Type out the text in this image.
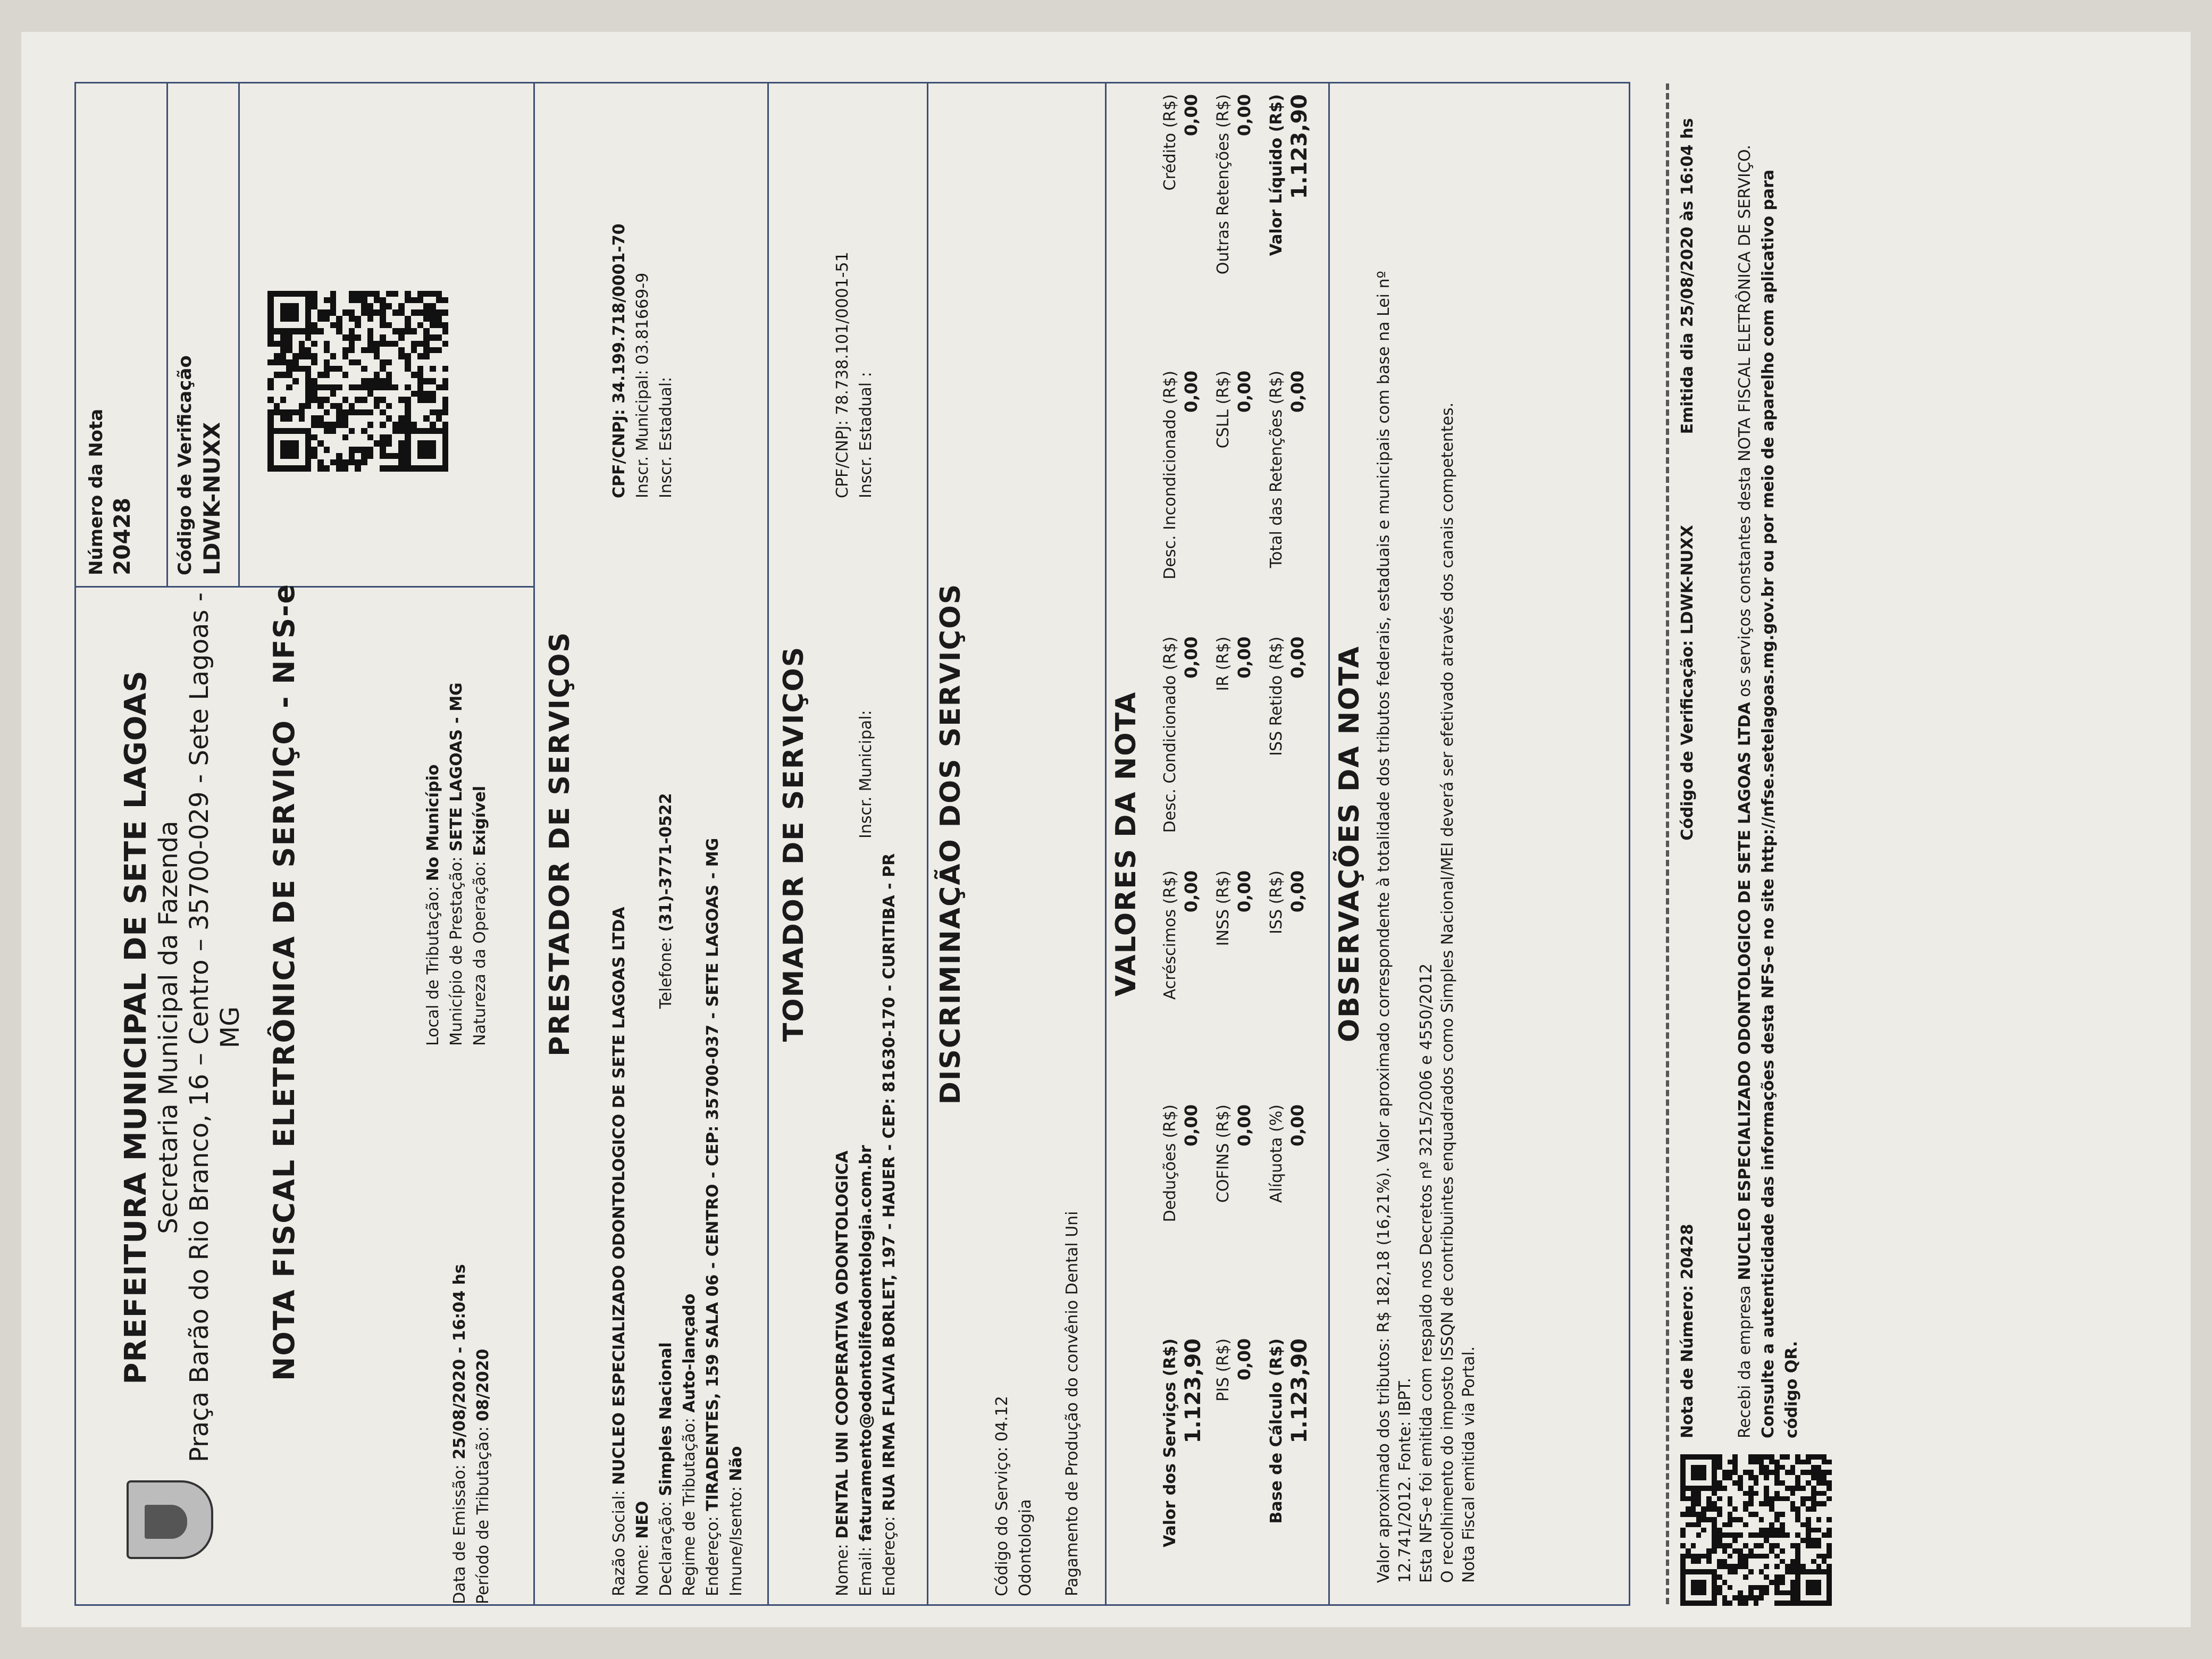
PREFEITURA MUNICIPAL DE SETE LAGOAS Secretaria Municipal da Fazenda Praça Barão do Rio Branco, 16 – Centro – 35700-029 - Sete Lagoas - MG
Número da Nota 20428 Código de Verificação LDWK-NUXX
NOTA FISCAL ELETRÔNICA DE SERVIÇO - NFS-e
Data de Emissão: 25/08/2020 - 16:04 hs
Período de Tributação: 08/2020
Local de Tributação: No Município
Município de Prestação: SETE LAGOAS - MG
Natureza da Operação: Exigível PRESTADOR DE SERVIÇOS
Razão Social: NUCLEO ESPECIALIZADO ODONTOLOGICO DE SETE LAGOAS LTDA
Nome: NEO Declaração: Simples Nacional Regime de Tributação: Auto-lançado
Endereço: TIRADENTES, 159 SALA 06 - CENTRO - CEP: 35700-037 - SETE LAGOAS - MG
Imune/Isento: Não
Telefone: (31)-3771-0522
CPF/CNPJ: 34.199.718/0001-70 Inscr. Municipal: 03.81669-9 Inscr. Estadual:
TOMADOR DE SERVIÇOS
Nome: DENTAL UNI COOPERATIVA ODONTOLOGICA
Email: faturamento@odontolifeodontologia.com.br
Endereço: RUA IRMA FLAVIA BORLET, 197 - HAUER - CEP: 81630-170 - CURITIBA - PR
Inscr. Municipal:
CPF/CNPJ: 78.738.101/0001-51 Inscr. Estadual :
DISCRIMINAÇÃO DOS SERVIÇOS
Código do Serviço: 04.12 Odontologia Pagamento de Produção do convênio Dental Uni
VALORES DA NOTA
Valor dos Serviços (R$) 1.123,90
Deduções (R$) 0,00
Acréscimos (R$) 0,00
Desc. Condicionado (R$) 0,00
Desc. Incondicionado (R$) 0,00
Crédito (R$) 0,00
PIS (R$) 0,00
COFINS (R$) 0,00
INSS (R$) 0,00
IR (R$) 0,00
CSLL (R$) 0,00
Outras Retenções (R$) 0,00
Base de Cálculo (R$) 1.123,90
Alíquota (%) 0,00
ISS (R$) 0,00
ISS Retido (R$) 0,00
Total das Retenções (R$) 0,00
Valor Líquido (R$) 1.123,90
OBSERVAÇÕES DA NOTA Valor aproximado dos tributos: R$ 182,18 (16,21%). Valor aproximado correspondente à totalidade dos tributos federais, estaduais e municipais com base na Lei nº 12.741/2012. Fonte: IBPT. Esta NFS-e foi emitida com respaldo nos Decretos nº 3215/2006 e 4550/2012 O recolhimento do imposto ISSQN de contribuintes enquadrados como Simples Nacional/MEI deverá ser efetivado através dos canais competentes. Nota Fiscal emitida via Portal.	Nota de Número: 20428  Código de Verificação: LDWK-NUXX  Emitida dia 25/08/2020 às 16:04 hs
Recebi da empresa NUCLEO ESPECIALIZADO ODONTOLOGICO DE SETE LAGOAS LTDA os serviços constantes desta NOTA FISCAL ELETRÔNICA DE SERVIÇO. Consulte a autenticidade das informações desta NFS-e no site http://nfse.setelagoas.mg.gov.br ou por meio de aparelho com aplicativo para código QR.
